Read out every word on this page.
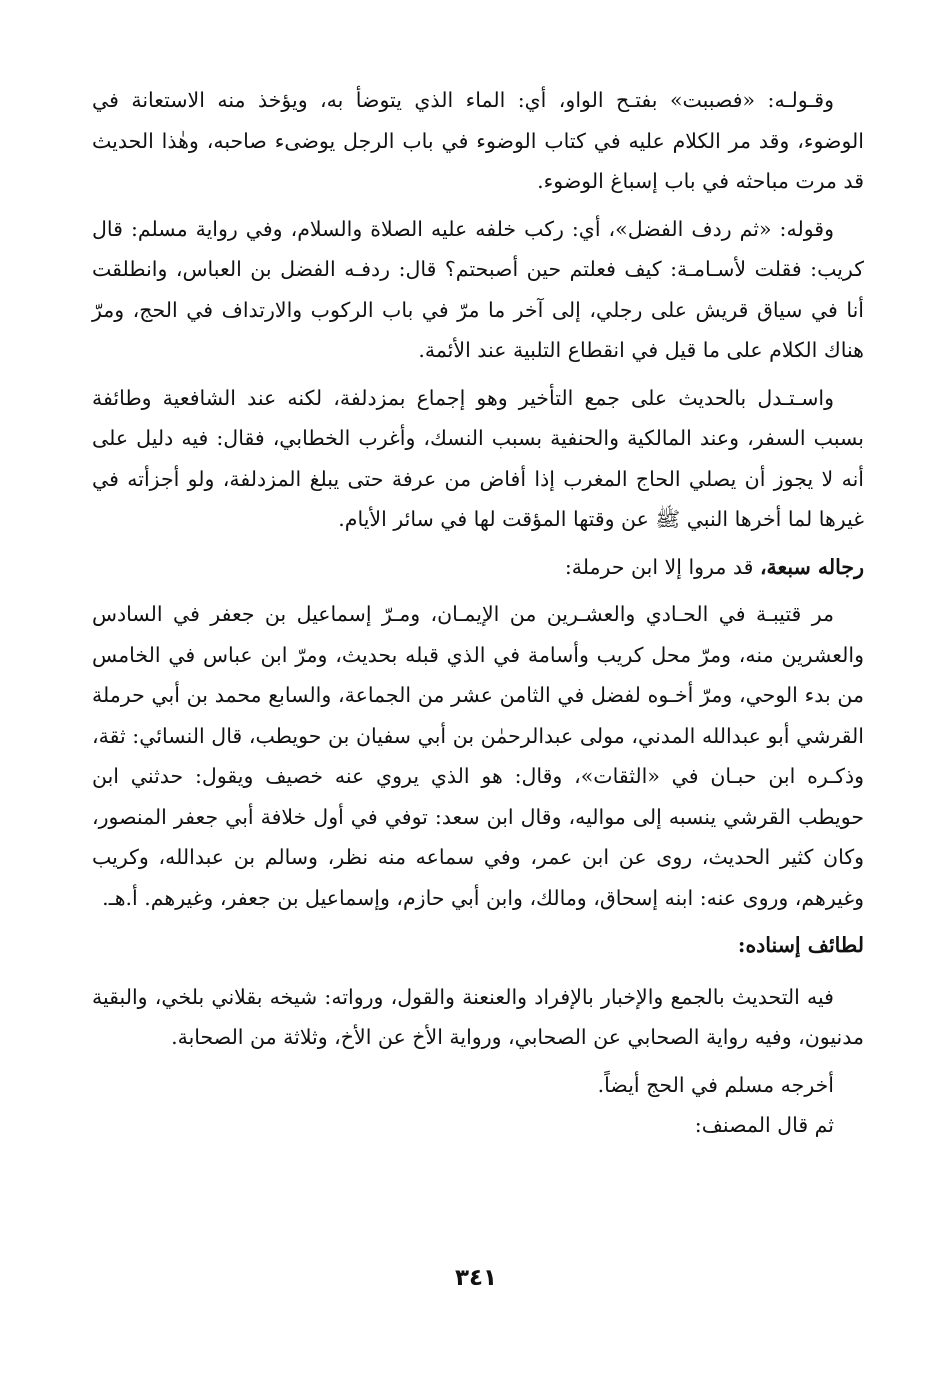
وقـولـه: «فصببت» بفتـح الواو، أي: الماء الذي يتوضأ به، ويؤخذ منه الاستعانة في الوضوء، وقد مر الكلام عليه في كتاب الوضوء في باب الرجل يوضىء صاحبه، وهٰذا الحديث قد مرت مباحثه في باب إسباغ الوضوء.

وقوله: «ثم ردف الفضل»، أي: ركب خلفه عليه الصلاة والسلام، وفي رواية مسلم: قال كريب: فقلت لأسـامـة: كيف فعلتم حين أصبحتم؟ قال: ردفـه الفضل بن العباس، وانطلقت أنا في سياق قريش على رجلي، إلى آخر ما مرّ في باب الركوب والارتداف في الحج، ومرّ هناك الكلام على ما قيل في انقطاع التلبية عند الأئمة.

واسـتـدل بالحديث على جمع التأخير وهو إجماع بمزدلفة، لكنه عند الشافعية وطائفة بسبب السفر، وعند المالكية والحنفية بسبب النسك، وأغرب الخطابي، فقال: فيه دليل على أنه لا يجوز أن يصلي الحاج المغرب إذا أفاض من عرفة حتى يبلغ المزدلفة، ولو أجزأته في غيرها لما أخرها النبي ﷺ عن وقتها المؤقت لها في سائر الأيام.

رجاله سبعة، قد مروا إلا ابن حرملة:

مر قتيبـة في الحـادي والعشـرين من الإيمـان، ومـرّ إسماعيل بن جعفر في السادس والعشرين منه، ومرّ محل كريب وأسامة في الذي قبله بحديث، ومرّ ابن عباس في الخامس من بدء الوحي، ومرّ أخـوه لفضل في الثامن عشر من الجماعة، والسابع محمد بن أبي حرملة القرشي أبو عبدالله المدني، مولى عبدالرحمٰن بن أبي سفيان بن حويطب، قال النسائي: ثقة، وذكـره ابن حبـان في «الثقات»، وقال: هو الذي يروي عنه خصيف ويقول: حدثني ابن حويطب القرشي ينسبه إلى مواليه، وقال ابن سعد: توفي في أول خلافة أبي جعفر المنصور، وكان كثير الحديث، روى عن ابن عمر، وفي سماعه منه نظر، وسالم بن عبدالله، وكريب وغيرهم، وروى عنه: ابنه إسحاق، ومالك، وابن أبي حازم، وإسماعيل بن جعفر، وغيرهم. أ.هـ.

لطائف إسناده:

فيه التحديث بالجمع والإخبار بالإفراد والعنعنة والقول، ورواته: شيخه بقلاني بلخي، والبقية مدنيون، وفيه رواية الصحابي عن الصحابي، ورواية الأخ عن الأخ، وثلاثة من الصحابة.

أخرجه مسلم في الحج أيضاً.

ثم قال المصنف:

٣٤١
